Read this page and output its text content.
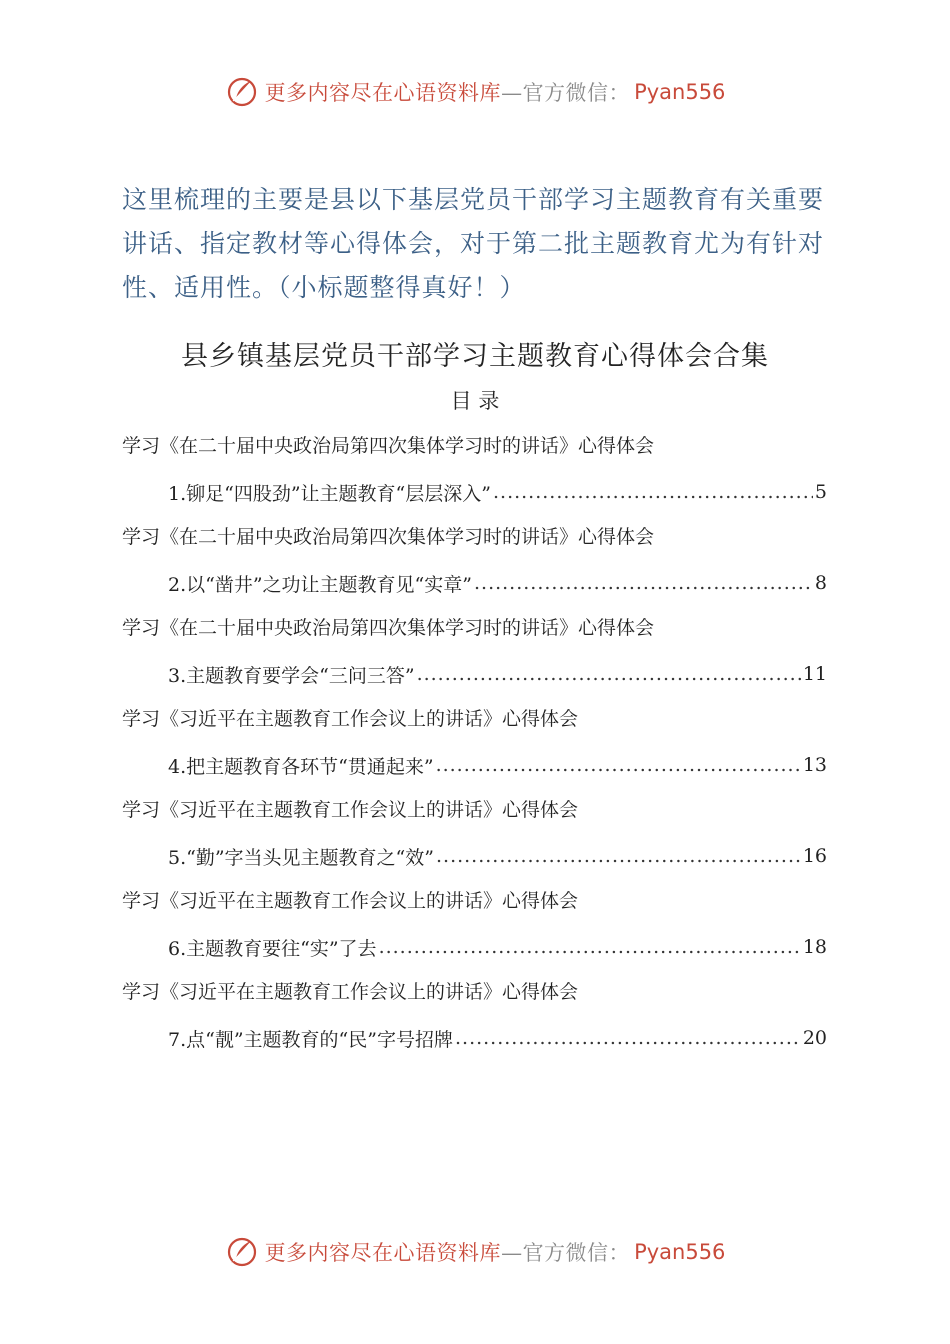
更多内容尽在心语资料库 —官方微信： Pyan556
这里梳理的主要是县以下基层党员干部学习主题教育有关重要讲话、指定教材等心得体会，对于第二批主题教育尤为有针对性、适用性。（小标题整得真好！）
县乡镇基层党员干部学习主题教育心得体会合集
目 录
学习《在二十届中央政治局第四次集体学习时的讲话》心得体会
1.铆足“四股劲”让主题教育“层层深入” .....	5
学习《在二十届中央政治局第四次集体学习时的讲话》心得体会
2.以“凿井”之功让主题教育见“实章” .....	8
学习《在二十届中央政治局第四次集体学习时的讲话》心得体会
3.主题教育要学会“三问三答” .....	11
学习《习近平在主题教育工作会议上的讲话》心得体会
4.把主题教育各环节“贯通起来” .....	13
学习《习近平在主题教育工作会议上的讲话》心得体会
5.“勤”字当头见主题教育之“效” .....	16
学习《习近平在主题教育工作会议上的讲话》心得体会
6.主题教育要往“实”了去 .....	18
学习《习近平在主题教育工作会议上的讲话》心得体会
7.点“靓”主题教育的“民”字号招牌 .....	20
更多内容尽在心语资料库 —官方微信： Pyan556
